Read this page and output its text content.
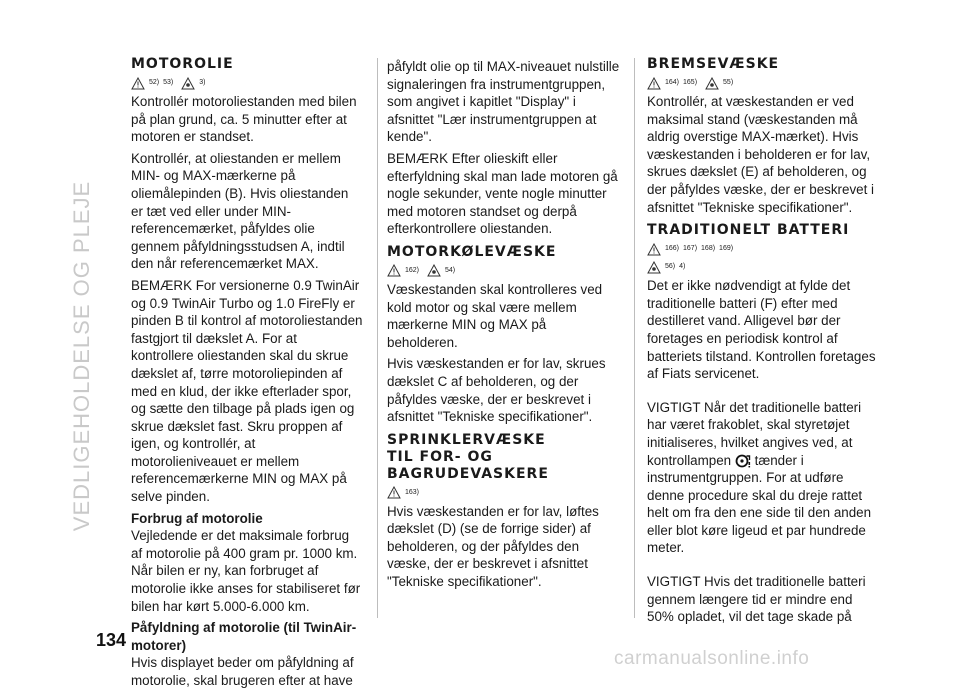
VEDLIGEHOLDELSE OG PLEJE
MOTOROLIE
52) 53)	3)

Kontrollér motoroliestanden med bilen på plan grund, ca. 5 minutter efter at motoren er standset.

Kontrollér, at oliestanden er mellem MIN- og MAX-mærkerne på oliemålepinden (B). Hvis oliestanden er tæt ved eller under MIN-referencemærket, påfyldes olie gennem påfyldningsstudsen A, indtil den når referencemærket MAX.

BEMÆRK For versionerne 0.9 TwinAir og 0.9 TwinAir Turbo og 1.0 FireFly er pinden B til kontrol af motoroliestanden fastgjort til dækslet A. For at kontrollere oliestanden skal du skrue dækslet af, tørre motoroliepinden af med en klud, der ikke efterlader spor, og sætte den tilbage på plads igen og skrue dækslet fast. Skru proppen af igen, og kontrollér, at motorolieniveauet er mellem referencemærkerne MIN og MAX på selve pinden.

Forbrug af motorolie

Vejledende er det maksimale forbrug af motorolie på 400 gram pr. 1000 km. Når bilen er ny, kan forbruget af motorolie ikke anses for stabiliseret før bilen har kørt 5.000-6.000 km.

Påfyldning af motorolie (til TwinAir-motorer)

Hvis displayet beder om påfyldning af motorolie, skal brugeren efter at have

påfyldt olie op til MAX-niveauet nulstille signaleringen fra instrumentgruppen, som angivet i kapitlet "Display" i afsnittet "Lær instrumentgruppen at kende".

BEMÆRK Efter olieskift eller efterfyldning skal man lade motoren gå nogle sekunder, vente nogle minutter med motoren standset og derpå efterkontrollere oliestanden.

MOTORKØLEVÆSKE
162)	54)

Væskestanden skal kontrolleres ved kold motor og skal være mellem mærkerne MIN og MAX på beholderen.

Hvis væskestanden er for lav, skrues dækslet C af beholderen, og der påfyldes væske, der er beskrevet i afsnittet "Tekniske specifikationer".

SPRINKLERVÆSKE
TIL FOR- OG
BAGRUDEVASKERE
163)

Hvis væskestanden er for lav, løftes dækslet (D) (se de forrige sider) af beholderen, og der påfyldes den væske, der er beskrevet i afsnittet "Tekniske specifikationer".

BREMSEVÆSKE
164) 165)	55)

Kontrollér, at væskestanden er ved maksimal stand (væskestanden må aldrig overstige MAX-mærket). Hvis væskestanden i beholderen er for lav, skrues dækslet (E) af beholderen, og der påfyldes væske, der er beskrevet i afsnittet "Tekniske specifikationer".

TRADITIONELT BATTERI
166) 167) 168) 169)
56) 4)

Det er ikke nødvendigt at fylde det traditionelle batteri (F) efter med destilleret vand. Alligevel bør der foretages en periodisk kontrol af batteriets tilstand. Kontrollen foretages af Fiats servicenet.

VIGTIGT Når det traditionelle batteri har været frakoblet, skal styretøjet initialiseres, hvilket angives ved, at kontrollampen tænder i instrumentgruppen. For at udføre denne procedure skal du dreje rattet helt om fra den ene side til den anden eller blot køre ligeud et par hundrede meter.

VIGTIGT Hvis det traditionelle batteri gennem længere tid er mindre end 50% opladet, vil det tage skade på

134
carmanualsonline.info
